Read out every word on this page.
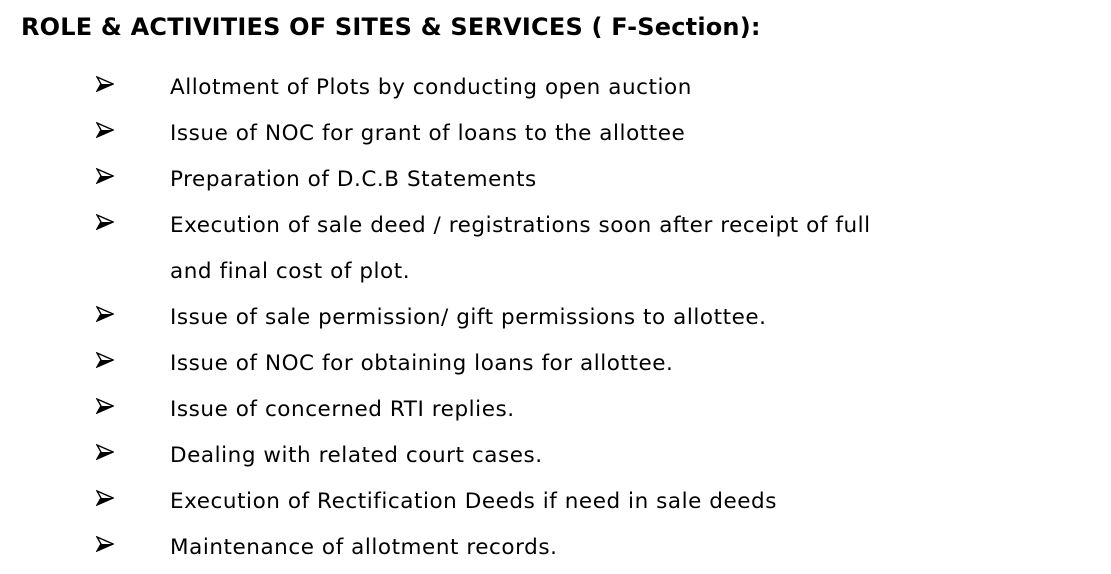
ROLE & ACTIVITIES OF SITES & SERVICES ( F-Section):
Allotment of Plots by conducting open auction
Issue of NOC for grant of loans to the allottee
Preparation of D.C.B Statements
Execution of sale deed / registrations soon after receipt of full
and final cost of plot.
Issue of sale permission/ gift permissions to allottee.
Issue of NOC for obtaining loans for allottee.
Issue of concerned RTI replies.
Dealing with related court cases.
Execution of Rectification Deeds if need in sale deeds
Maintenance of allotment records.
